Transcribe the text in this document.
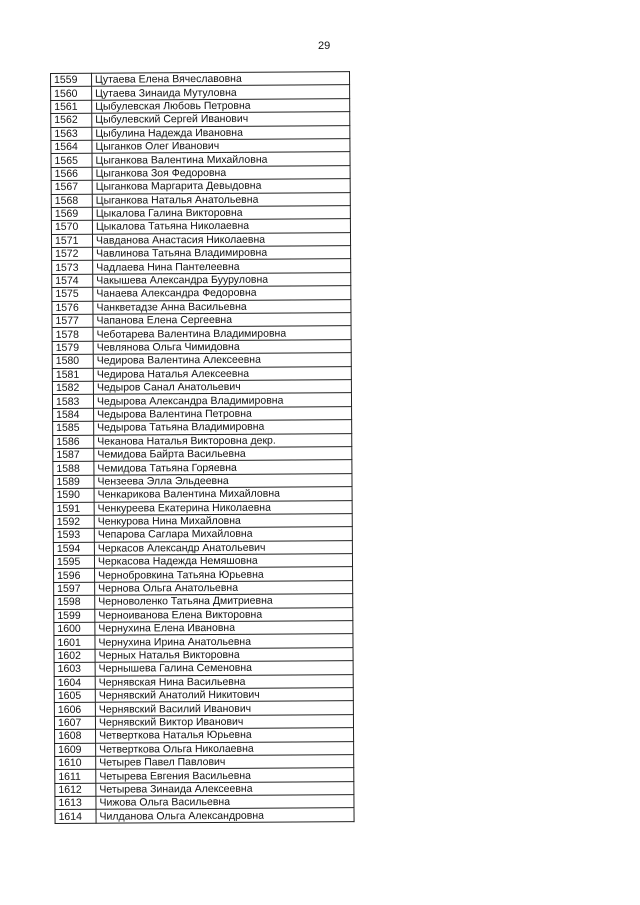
29
1559	Цутаева Елена Вячеславовна
1560	Цутаева Зинаида Мутуловна
1561	Цыбулевская Любовь Петровна
1562	Цыбулевский Сергей Иванович
1563	Цыбулина Надежда Ивановна
1564	Цыганков Олег Иванович
1565	Цыганкова Валентина Михайловна
1566	Цыганкова Зоя Федоровна
1567	Цыганкова Маргарита Девыдовна
1568	Цыганкова Наталья Анатольевна
1569	Цыкалова Галина Викторовна
1570	Цыкалова Татьяна Николаевна
1571	Чавданова Анастасия Николаевна
1572	Чавлинова Татьяна Владимировна
1573	Чадлаева Нина Пантелеевна
1574	Чакышева Александра Бууруловна
1575	Чанаева Александра Федоровна
1576	Чанкветадзе Анна Васильевна
1577	Чапанова Елена Сергеевна
1578	Чеботарева Валентина Владимировна
1579	Чевлянова Ольга Чимидовна
1580	Чедирова Валентина Алексеевна
1581	Чедирова Наталья Алексеевна
1582	Чедыров Санал Анатольевич
1583	Чедырова Александра Владимировна
1584	Чедырова Валентина Петровна
1585	Чедырова Татьяна Владимировна
1586	Чеканова Наталья Викторовна декр.
1587	Чемидова Байрта Васильевна
1588	Чемидова Татьяна Горяевна
1589	Чензеева Элла Эльдеевна
1590	Ченкарикова Валентина Михайловна
1591	Ченкуреева Екатерина Николаевна
1592	Ченкурова Нина Михайловна
1593	Чепарова Саглара Михайловна
1594	Черкасов Александр Анатольевич
1595	Черкасова Надежда Немяшовна
1596	Чернобровкина Татьяна Юрьевна
1597	Чернова Ольга Анатольевна
1598	Черноволенко Татьяна Дмитриевна
1599	Черноиванова Елена Викторовна
1600	Чернухина Елена Ивановна
1601	Чернухина Ирина Анатольевна
1602	Черных Наталья Викторовна
1603	Чернышева Галина Семеновна
1604	Чернявская Нина Васильевна
1605	Чернявский Анатолий Никитович
1606	Чернявский Василий Иванович
1607	Чернявский Виктор Иванович
1608	Четверткова Наталья Юрьевна
1609	Четверткова Ольга Николаевна
1610	Четырев Павел Павлович
1611	Четырева Евгения Васильевна
1612	Четырева Зинаида Алексеевна
1613	Чижова Ольга Васильевна
1614	Чилданова Ольга Александровна
